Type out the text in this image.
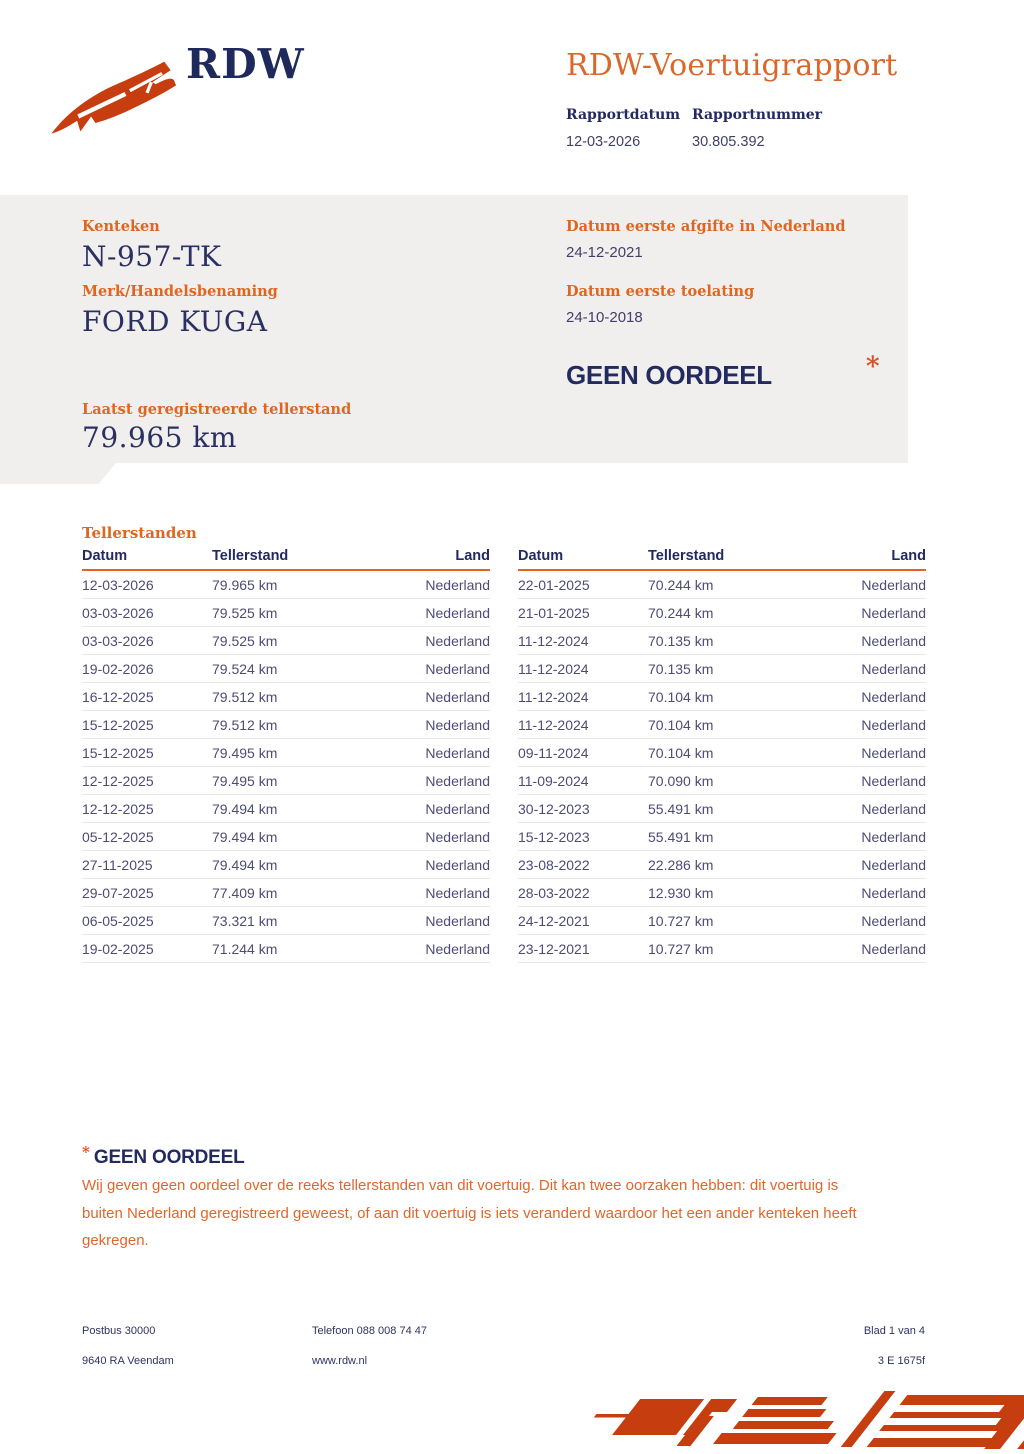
RDW	RDW-Voertuigrapport
Rapportdatum Rapportnummer
12-03-2026	30.805.392
Kenteken
N-957-TK
Merk/Handelsbenaming
FORD KUGA
Datum eerste afgifte in Nederland
24-12-2021
Datum eerste toelating
24-10-2018
GEEN OORDEEL	*
Laatst geregistreerde tellerstand
79.965 km
Tellerstanden
Datum	Tellerstand	Land
12-03-2026	79.965 km	Nederland
03-03-2026	79.525 km	Nederland
03-03-2026	79.525 km	Nederland
19-02-2026	79.524 km	Nederland
16-12-2025	79.512 km	Nederland
15-12-2025	79.512 km	Nederland
15-12-2025	79.495 km	Nederland
12-12-2025	79.495 km	Nederland
12-12-2025	79.494 km	Nederland
05-12-2025	79.494 km	Nederland
27-11-2025	79.494 km	Nederland
29-07-2025	77.409 km	Nederland
06-05-2025	73.321 km	Nederland
19-02-2025	71.244 km	Nederland
Datum	Tellerstand	Land
22-01-2025	70.244 km	Nederland
21-01-2025	70.244 km	Nederland
11-12-2024	70.135 km	Nederland
11-12-2024	70.135 km	Nederland
11-12-2024	70.104 km	Nederland
11-12-2024	70.104 km	Nederland
09-11-2024	70.104 km	Nederland
11-09-2024	70.090 km	Nederland
30-12-2023	55.491 km	Nederland
15-12-2023	55.491 km	Nederland
23-08-2022	22.286 km	Nederland
28-03-2022	12.930 km	Nederland
24-12-2021	10.727 km	Nederland
23-12-2021	10.727 km	Nederland
* GEEN OORDEEL
Wij geven geen oordeel over de reeks tellerstanden van dit voertuig. Dit kan twee oorzaken hebben: dit voertuig is buiten Nederland geregistreerd geweest, of aan dit voertuig is iets veranderd waardoor het een ander kenteken heeft gekregen.
Postbus 30000
9640 RA Veendam
Telefoon 088 008 74 47
www.rdw.nl
Blad 1 van 4
3 E 1675f
